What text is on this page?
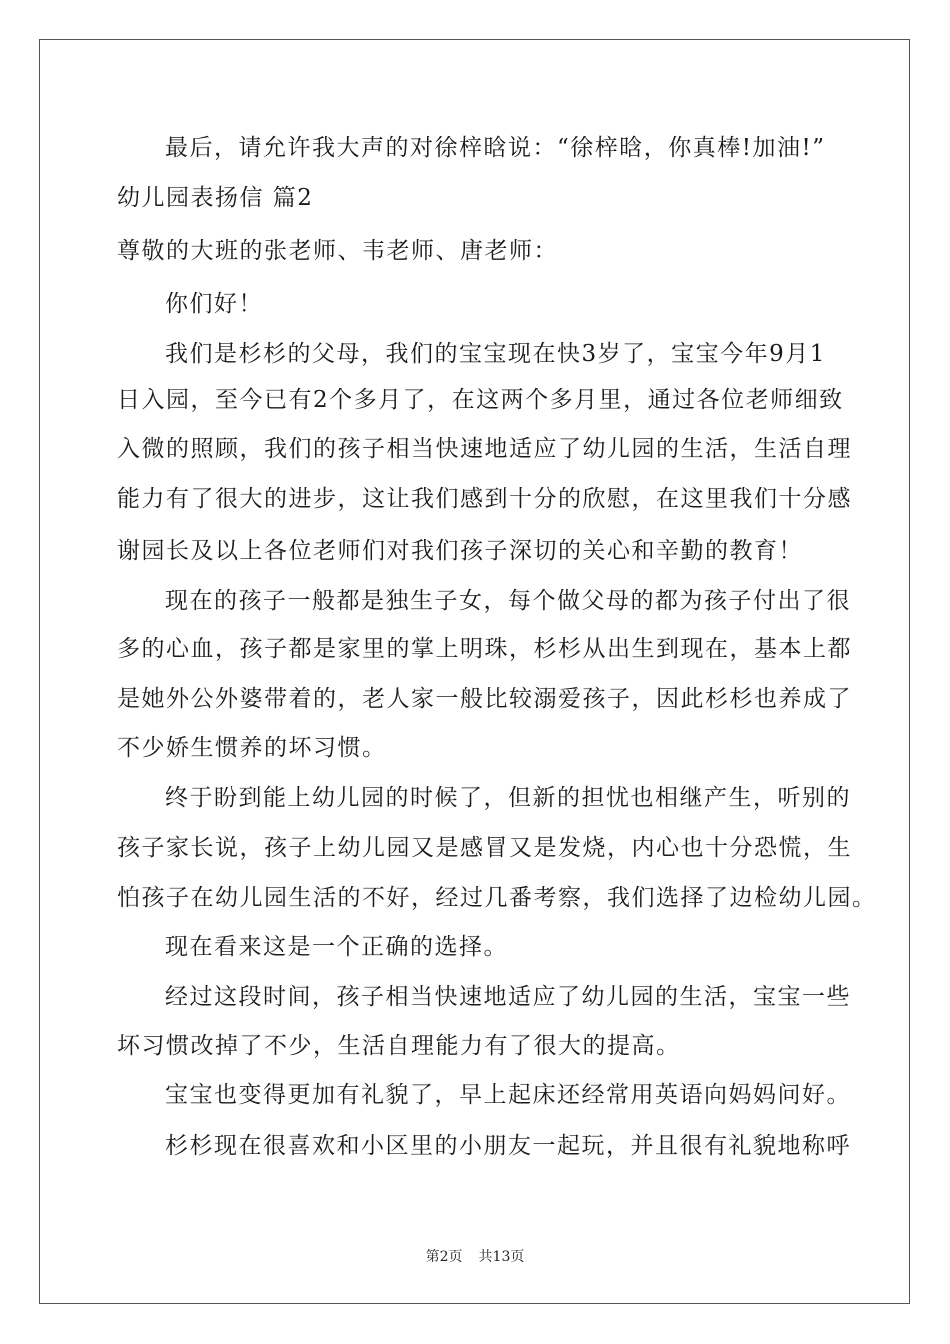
最后，请允许我大声的对徐梓晗说：“徐梓晗，你真棒!加油!”
幼儿园表扬信 篇2
尊敬的大班的张老师、韦老师、唐老师：
你们好！
我们是杉杉的父母，我们的宝宝现在快3岁了，宝宝今年9月1
日入园，至今已有2个多月了，在这两个多月里，通过各位老师细致
入微的照顾，我们的孩子相当快速地适应了幼儿园的生活，生活自理
能力有了很大的进步，这让我们感到十分的欣慰，在这里我们十分感
谢园长及以上各位老师们对我们孩子深切的关心和辛勤的教育！
现在的孩子一般都是独生子女，每个做父母的都为孩子付出了很
多的心血，孩子都是家里的掌上明珠，杉杉从出生到现在，基本上都
是她外公外婆带着的，老人家一般比较溺爱孩子，因此杉杉也养成了
不少娇生惯养的坏习惯。
终于盼到能上幼儿园的时候了，但新的担忧也相继产生，听别的
孩子家长说，孩子上幼儿园又是感冒又是发烧，内心也十分恐慌，生
怕孩子在幼儿园生活的不好，经过几番考察，我们选择了边检幼儿园。
现在看来这是一个正确的选择。
经过这段时间，孩子相当快速地适应了幼儿园的生活，宝宝一些
坏习惯改掉了不少，生活自理能力有了很大的提高。
宝宝也变得更加有礼貌了，早上起床还经常用英语向妈妈问好。
杉杉现在很喜欢和小区里的小朋友一起玩，并且很有礼貌地称呼
第2页 共13页
